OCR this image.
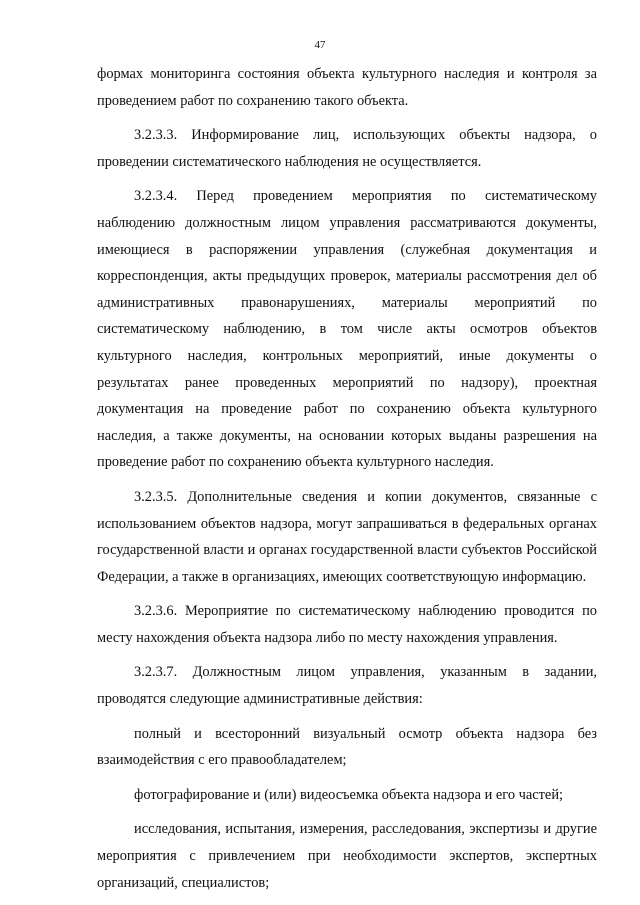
47

формах мониторинга состояния объекта культурного наследия и контроля за проведением работ по сохранению такого объекта.

3.2.3.3. Информирование лиц, использующих объекты надзора, о проведении систематического наблюдения не осуществляется.

3.2.3.4. Перед проведением мероприятия по систематическому наблюдению должностным лицом управления рассматриваются документы, имеющиеся в распоряжении управления (служебная документация и корреспонденция, акты предыдущих проверок, материалы рассмотрения дел об административных правонарушениях, материалы мероприятий по систематическому наблюдению, в том числе акты осмотров объектов культурного наследия, контрольных мероприятий, иные документы о результатах ранее проведенных мероприятий по надзору), проектная документация на проведение работ по сохранению объекта культурного наследия, а также документы, на основании которых выданы разрешения на проведение работ по сохранению объекта культурного наследия.

3.2.3.5. Дополнительные сведения и копии документов, связанные с использованием объектов надзора, могут запрашиваться в федеральных органах государственной власти и органах государственной власти субъектов Российской Федерации, а также в организациях, имеющих соответствующую информацию.

3.2.3.6. Мероприятие по систематическому наблюдению проводится по месту нахождения объекта надзора либо по месту нахождения управления.

3.2.3.7. Должностным лицом управления, указанным в задании, проводятся следующие административные действия:

полный и всесторонний визуальный осмотр объекта надзора без взаимодействия с его правообладателем;

фотографирование и (или) видеосъемка объекта надзора и его частей;

исследования, испытания, измерения, расследования, экспертизы и другие мероприятия с привлечением при необходимости экспертов, экспертных организаций, специалистов;
